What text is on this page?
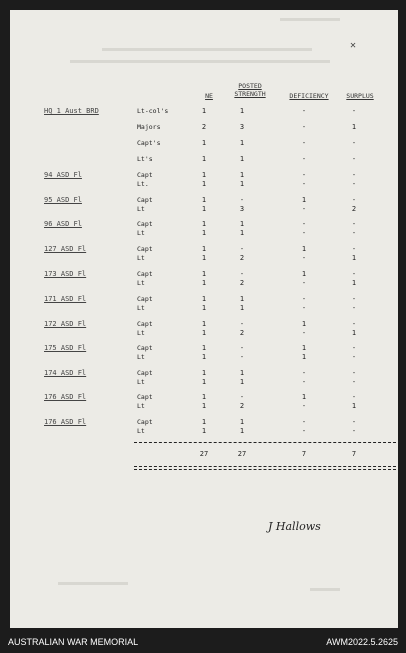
✕
NE
POSTED STRENGTH	DEFICIENCY	SURPLUS
HQ 1 Aust BRD	Lt-col's	1	1	-	-
Majors	2	3	-	1
Capt's	1	1	-	-
Lt's	1	1	-	-
94 ASD Fl	Capt	1	1	-	-
Lt.	1	1	-	-
95 ASD Fl	Capt	1	-	1	-
Lt	1	3	-	2
96 ASD Fl	Capt	1	1	-	-
Lt	1	1	-	-
127 ASD Fl	Capt	1	-	1	-
Lt	1	2	-	1
173 ASD Fl	Capt	1	-	1	-
Lt	1	2	-	1
171 ASD Fl	Capt	1	1	-	-
Lt	1	1	-	-
172 ASD Fl	Capt	1	-	1	-
Lt	1	2	-	1
175 ASD Fl	Capt	1	-	1	-
Lt	1	-	1	-
174 ASD Fl	Capt	1	1	-	-
Lt	1	1	-	-
176 ASD Fl	Capt	1	-	1	-
Lt	1	2	-	1
176 ASD Fl	Capt	1	1	-	-
Lt	1	1	-	-
27	27	7	7
J Hallows
AUSTRALIAN WAR MEMORIAL	AWM2022.5.2625
